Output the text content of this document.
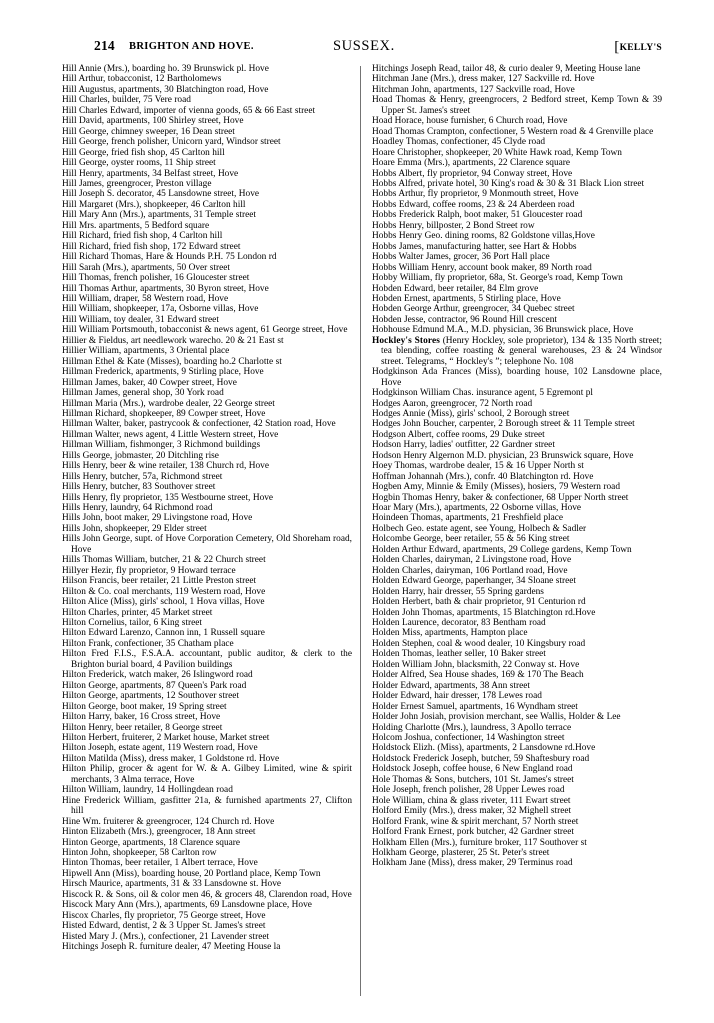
214 BRIGHTON AND HOVE.	SUSSEX.	[KELLY'S

Hill Annie (Mrs.), boarding ho. 39 Brunswick pl. Hove

Hill Arthur, tobacconist, 12 Bartholomews

Hill Augustus, apartments, 30 Blatchington road, Hove

Hill Charles, builder, 75 Vere road

Hill Charles Edward, importer of vienna goods, 65 & 66 East street

Hill David, apartments, 100 Shirley street, Hove

Hill George, chimney sweeper, 16 Dean street

Hill George, french polisher, Unicorn yard, Windsor street

Hill George, fried fish shop, 45 Carlton hill

Hill George, oyster rooms, 11 Ship street

Hill Henry, apartments, 34 Belfast street, Hove

Hill James, greengrocer, Preston village

Hill Joseph S. decorator, 45 Lansdowne street, Hove

Hill Margaret (Mrs.), shopkeeper, 46 Carlton hill

Hill Mary Ann (Mrs.), apartments, 31 Temple street

Hill Mrs. apartments, 5 Bedford square

Hill Richard, fried fish shop, 4 Carlton hill

Hill Richard, fried fish shop, 172 Edward street

Hill Richard Thomas, Hare & Hounds P.H. 75 London rd

Hill Sarah (Mrs.), apartments, 50 Over street

Hill Thomas, french polisher, 16 Gloucester street

Hill Thomas Arthur, apartments, 30 Byron street, Hove

Hill William, draper, 58 Western road, Hove

Hill William, shopkeeper, 17a, Osborne villas, Hove

Hill William, toy dealer, 31 Edward street

Hill William Portsmouth, tobacconist & news agent, 61 George street, Hove

Hillier & Fieldus, art needlework warecho. 20 & 21 East st

Hillier William, apartments, 3 Oriental place

Hillman Ethel & Kate (Misses), boarding ho.2 Charlotte st

Hillman Frederick, apartments, 9 Stirling place, Hove

Hillman James, baker, 40 Cowper street, Hove

Hillman James, general shop, 30 York road

Hillman Maria (Mrs.), wardrobe dealer, 22 George street

Hillman Richard, shopkeeper, 89 Cowper street, Hove

Hillman Walter, baker, pastrycook & confectioner, 42 Station road, Hove

Hillman Walter, news agent, 4 Little Western street, Hove

Hillman William, fishmonger, 3 Richmond buildings

Hills George, jobmaster, 20 Ditchling rise

Hills Henry, beer & wine retailer, 138 Church rd, Hove

Hills Henry, butcher, 57a, Richmond street

Hills Henry, butcher, 83 Southover street

Hills Henry, fly proprietor, 135 Westbourne street, Hove

Hills Henry, laundry, 64 Richmond road

Hills John, boot maker, 29 Livingstone road, Hove

Hills John, shopkeeper, 29 Elder street

Hills John George, supt. of Hove Corporation Cemetery, Old Shoreham road, Hove

Hills Thomas William, butcher, 21 & 22 Church street

Hillyer Hezir, fly proprietor, 9 Howard terrace

Hilson Francis, beer retailer, 21 Little Preston street

Hilton & Co. coal merchants, 119 Western road, Hove

Hilton Alice (Miss), girls' school, 1 Hova villas, Hove

Hilton Charles, printer, 45 Market street

Hilton Cornelius, tailor, 6 King street

Hilton Edward Larenzo, Cannon inn, 1 Russell square

Hilton Frank, confectioner, 35 Chatham place

Hilton Fred F.I.S., F.S.A.A. accountant, public auditor, & clerk to the Brighton burial board, 4 Pavilion buildings

Hilton Frederick, watch maker, 26 Islingword road

Hilton George, apartments, 87 Queen's Park road

Hilton George, apartments, 12 Southover street

Hilton George, boot maker, 19 Spring street

Hilton Harry, baker, 16 Cross street, Hove

Hilton Henry, beer retailer, 8 George street

Hilton Herbert, fruiterer, 2 Market house, Market street

Hilton Joseph, estate agent, 119 Western road, Hove

Hilton Matilda (Miss), dress maker, 1 Goldstone rd. Hove

Hilton Philip, grocer & agent for W. & A. Gilbey Limited, wine & spirit merchants, 3 Alma terrace, Hove

Hilton William, laundry, 14 Hollingdean road

Hine Frederick William, gasfitter 21a, & furnished apartments 27, Clifton hill

Hine Wm. fruiterer & greengrocer, 124 Church rd. Hove

Hinton Elizabeth (Mrs.), greengrocer, 18 Ann street

Hinton George, apartments, 18 Clarence square

Hinton John, shopkeeper, 58 Carlton row

Hinton Thomas, beer retailer, 1 Albert terrace, Hove

Hipwell Ann (Miss), boarding house, 20 Portland place, Kemp Town

Hirsch Maurice, apartments, 31 & 33 Lansdowne st. Hove

Hiscock R. & Sons, oil & color men 46, & grocers 48, Clarendon road, Hove

Hiscock Mary Ann (Mrs.), apartments, 69 Lansdowne place, Hove

Hiscox Charles, fly proprietor, 75 George street, Hove

Histed Edward, dentist, 2 & 3 Upper St. James's street

Histed Mary J. (Mrs.), confectioner, 21 Lavender street

Hitchings Joseph R. furniture dealer, 47 Meeting House la

Hitchings Joseph Read, tailor 48, & curio dealer 9, Meeting House lane

Hitchman Jane (Mrs.), dress maker, 127 Sackville rd. Hove

Hitchman John, apartments, 127 Sackville road, Hove

Hoad Thomas & Henry, greengrocers, 2 Bedford street, Kemp Town & 39 Upper St. James's street

Hoad Horace, house furnisher, 6 Church road, Hove

Hoad Thomas Crampton, confectioner, 5 Western road & 4 Grenville place

Hoadley Thomas, confectioner, 45 Clyde road

Hoare Christopher, shopkeeper, 20 White Hawk road, Kemp Town

Hoare Emma (Mrs.), apartments, 22 Clarence square

Hobbs Albert, fly proprietor, 94 Conway street, Hove

Hobbs Alfred, private hotel, 30 King's road & 30 & 31 Black Lion street

Hobbs Arthur, fly proprietor, 9 Monmouth street, Hove

Hobbs Edward, coffee rooms, 23 & 24 Aberdeen road

Hobbs Frederick Ralph, boot maker, 51 Gloucester road

Hobbs Henry, billposter, 2 Bond Street row

Hobbs Henry Geo. dining rooms, 82 Goldstone villas,Hove

Hobbs James, manufacturing hatter, see Hart & Hobbs

Hobbs Walter James, grocer, 36 Port Hall place

Hobbs William Henry, account book maker, 89 North road

Hobby William, fly proprietor, 68a, St. George's road, Kemp Town

Hobden Edward, beer retailer, 84 Elm grove

Hobden Ernest, apartments, 5 Stirling place, Hove

Hobden George Arthur, greengrocer, 34 Quebec street

Hobden Jesse, contractor, 96 Round Hill crescent

Hobhouse Edmund M.A., M.D. physician, 36 Brunswick place, Hove

Hockley's Stores (Henry Hockley, sole proprietor), 134 & 135 North street; tea blending, coffee roasting & general warehouses, 23 & 24 Windsor street. Telegrams, “ Hockley's ”; telephone No. 108

Hodgkinson Ada Frances (Miss), boarding house, 102 Lansdowne place, Hove

Hodgkinson William Chas. insurance agent, 5 Egremont pl

Hodges Aaron, greengrocer, 72 North road

Hodges Annie (Miss), girls' school, 2 Borough street

Hodges John Boucher, carpenter, 2 Borough street & 11 Temple street

Hodgson Albert, coffee rooms, 29 Duke street

Hodson Harry, ladies' outfitter, 22 Gardner street

Hodson Henry Algernon M.D. physician, 23 Brunswick square, Hove

Hoey Thomas, wardrobe dealer, 15 & 16 Upper North st

Hoffman Johannah (Mrs.), confr. 40 Blatchington rd. Hove

Hogben Amy, Minnie & Emily (Misses), hosiers, 79 Western road

Hogbin Thomas Henry, baker & confectioner, 68 Upper North street

Hoar Mary (Mrs.), apartments, 22 Osborne villas, Hove

Hoindeen Thomas, apartments, 21 Freshfield place

Holbech Geo. estate agent, see Young, Holbech & Sadler

Holcombe George, beer retailer, 55 & 56 King street

Holden Arthur Edward, apartments, 29 College gardens, Kemp Town

Holden Charles, dairyman, 2 Livingstone road, Hove

Holden Charles, dairyman, 106 Portland road, Hove

Holden Edward George, paperhanger, 34 Sloane street

Holden Harry, hair dresser, 55 Spring gardens

Holden Herbert, bath & chair proprietor, 91 Centurion rd

Holden John Thomas, apartments, 15 Blatchington rd.Hove

Holden Laurence, decorator, 83 Bentham road

Holden Miss, apartments, Hampton place

Holden Stephen, coal & wood dealer, 10 Kingsbury road

Holden Thomas, leather seller, 10 Baker street

Holden William John, blacksmith, 22 Conway st. Hove

Holder Alfred, Sea House shades, 169 & 170 The Beach

Holder Edward, apartments, 38 Ann street

Holder Edward, hair dresser, 178 Lewes road

Holder Ernest Samuel, apartments, 16 Wyndham street

Holder John Josiah, provision merchant, see Wallis, Holder & Lee

Holding Charlotte (Mrs.), laundress, 3 Apollo terrace

Holcom Joshua, confectioner, 14 Washington street

Holdstock Elizh. (Miss), apartments, 2 Lansdowne rd.Hove

Holdstock Frederick Joseph, butcher, 59 Shaftesbury road

Holdstock Joseph, coffee house, 6 New England road

Hole Thomas & Sons, butchers, 101 St. James's street

Hole Joseph, french polisher, 28 Upper Lewes road

Hole William, china & glass riveter, 111 Ewart street

Holford Emily (Mrs.), dress maker, 32 Mighell street

Holford Frank, wine & spirit merchant, 57 North street

Holford Frank Ernest, pork butcher, 42 Gardner street

Holkham Ellen (Mrs.), furniture broker, 117 Southover st

Holkham George, plasterer, 25 St. Peter's street

Holkham Jane (Miss), dress maker, 29 Terminus road
